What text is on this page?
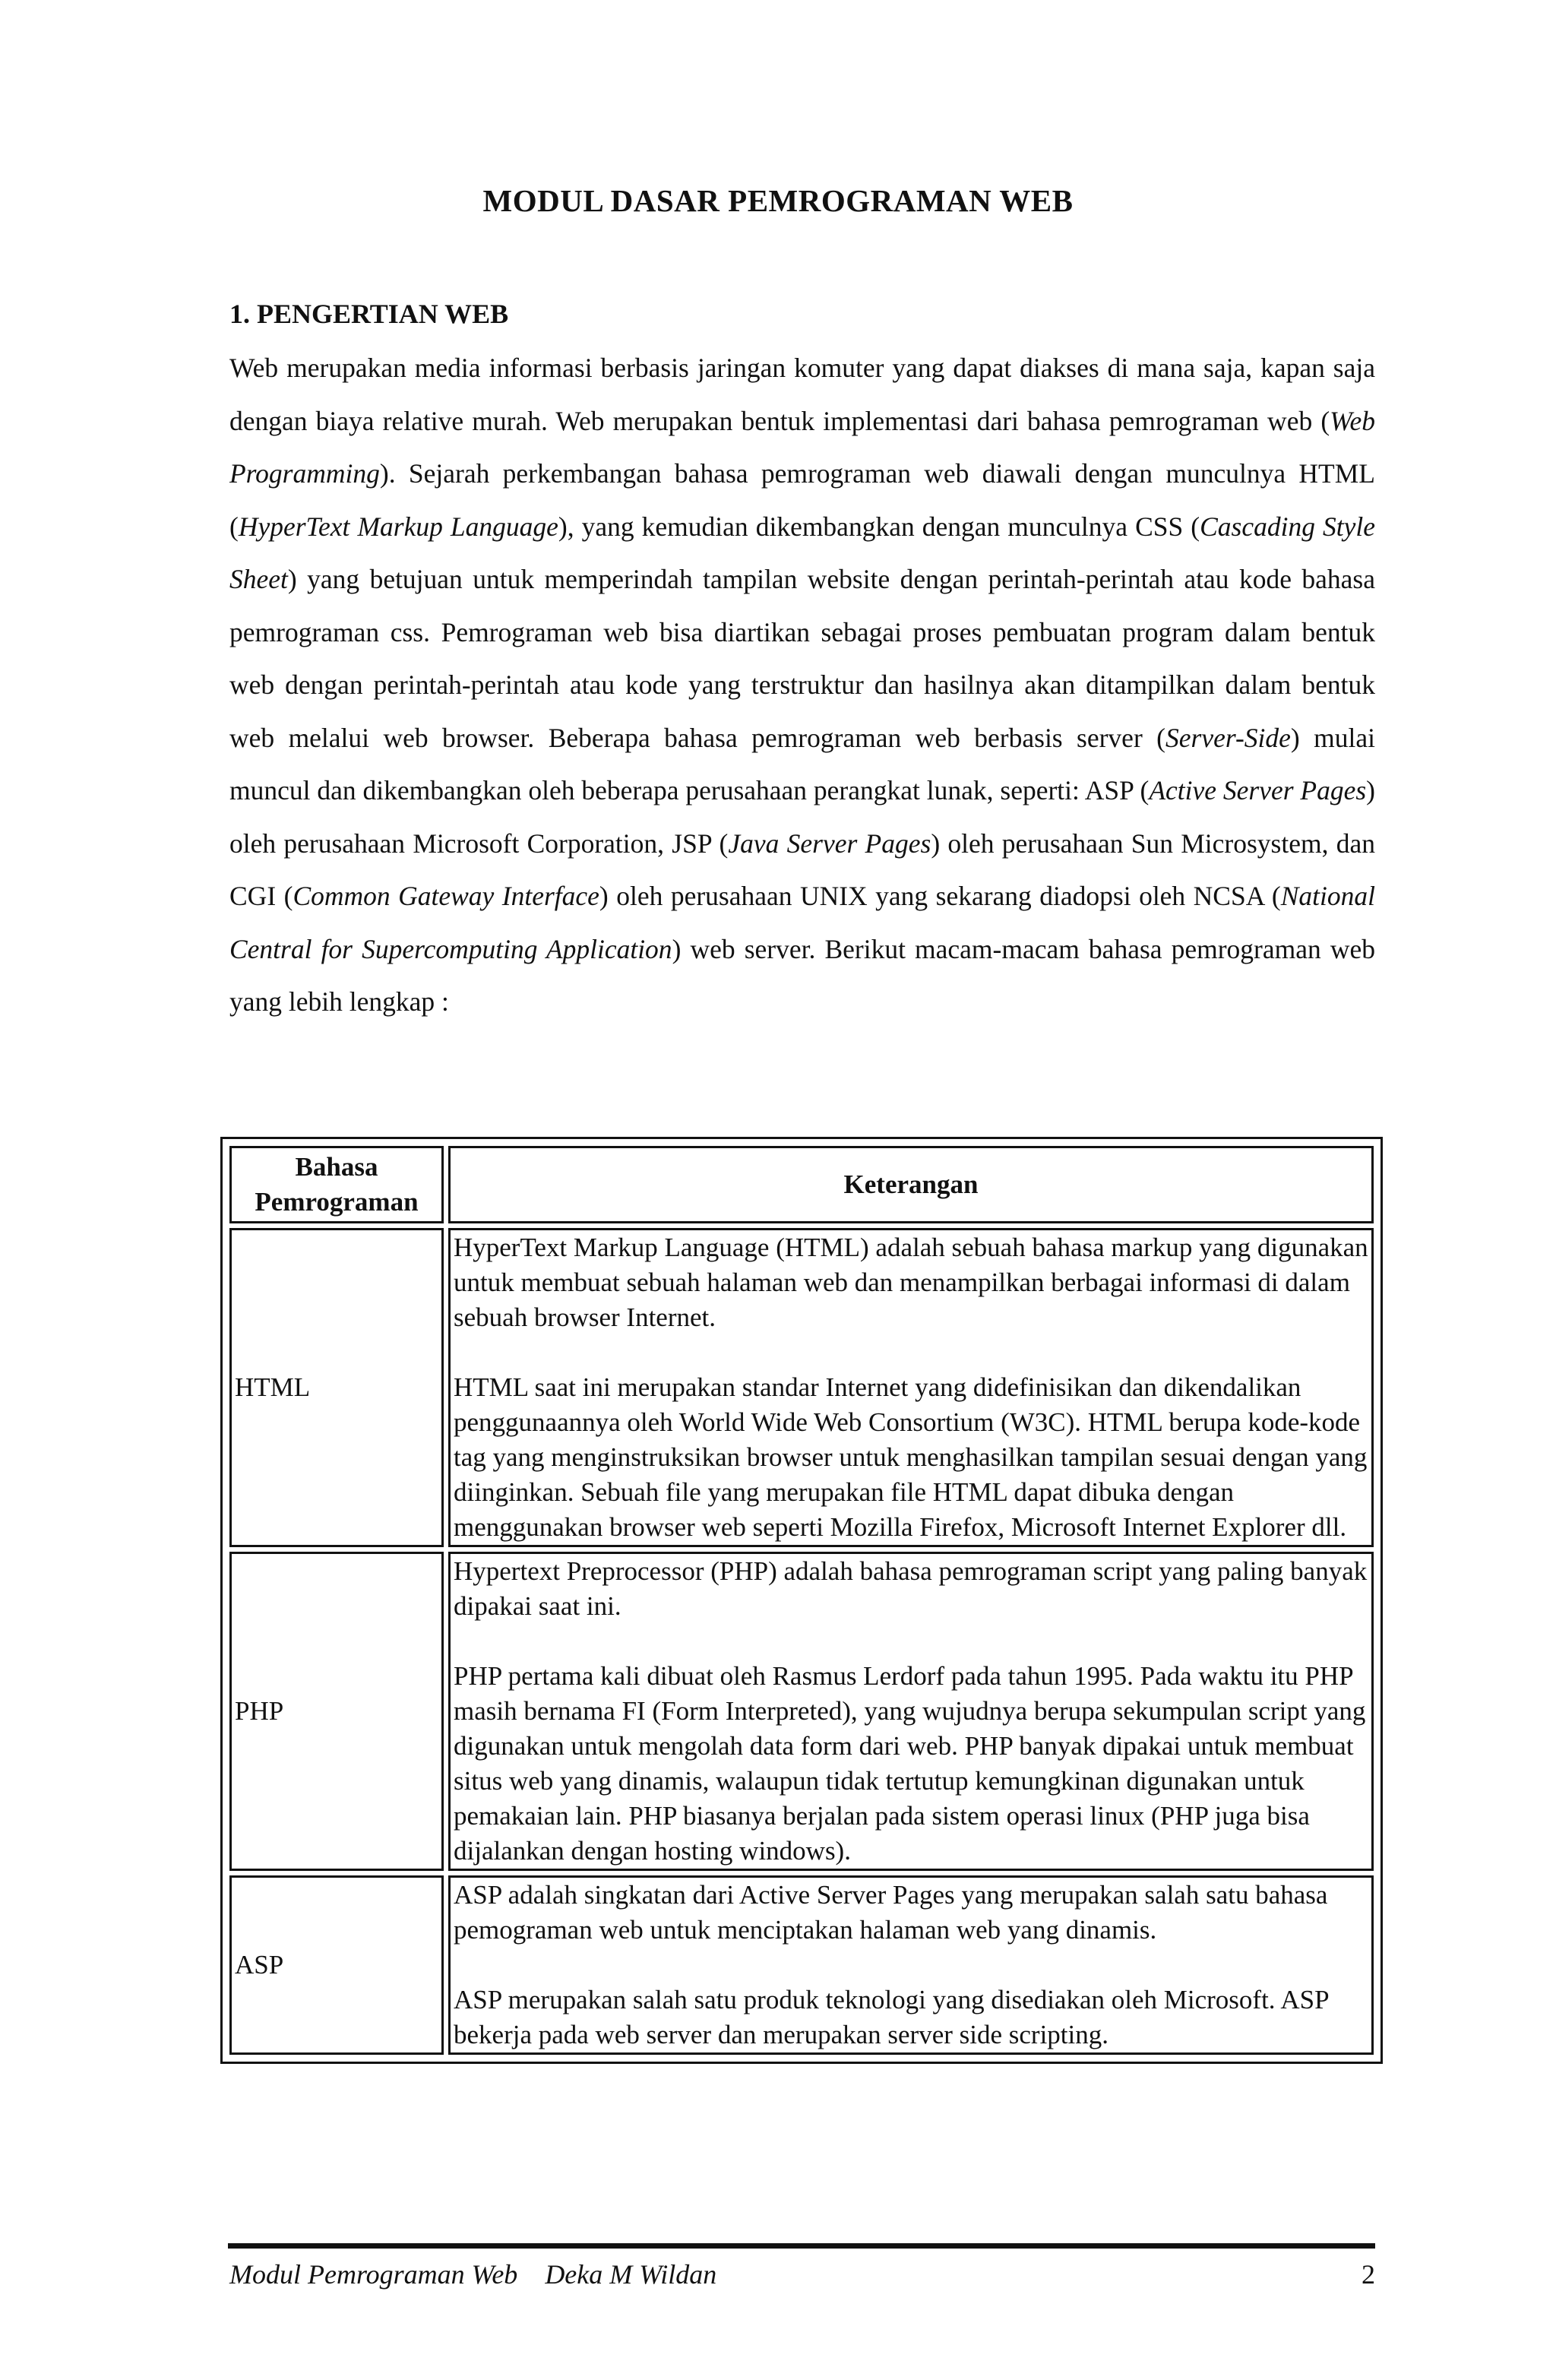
MODUL DASAR PEMROGRAMAN WEB
1. PENGERTIAN WEB
Web merupakan media informasi berbasis jaringan komuter yang dapat diakses di mana saja, kapan saja dengan biaya relative murah. Web merupakan bentuk implementasi dari bahasa pemrograman web (Web Programming). Sejarah perkembangan bahasa pemrograman web diawali dengan munculnya HTML (HyperText Markup Language), yang kemudian dikembangkan dengan munculnya CSS (Cascading Style Sheet) yang betujuan untuk memperindah tampilan website dengan perintah-perintah atau kode bahasa pemrograman css. Pemrograman web bisa diartikan sebagai proses pembuatan program dalam bentuk web dengan perintah-perintah atau kode yang terstruktur dan hasilnya akan ditampilkan dalam bentuk web melalui web browser. Beberapa bahasa pemrograman web berbasis server (Server-Side) mulai muncul dan dikembangkan oleh beberapa perusahaan perangkat lunak, seperti: ASP (Active Server Pages) oleh perusahaan Microsoft Corporation, JSP (Java Server Pages) oleh perusahaan Sun Microsystem, dan CGI (Common Gateway Interface) oleh perusahaan UNIX yang sekarang diadopsi oleh NCSA (National Central for Supercomputing Application) web server. Berikut macam-macam bahasa pemrograman web yang lebih lengkap :
Bahasa Pemrograman	Keterangan
HTML	HyperText Markup Language (HTML) adalah sebuah bahasa markup yang digunakan untuk membuat sebuah halaman web dan menampilkan berbagai informasi di dalam sebuah browser Internet.

HTML saat ini merupakan standar Internet yang didefinisikan dan dikendalikan penggunaannya oleh World Wide Web Consortium (W3C). HTML berupa kode-kode tag yang menginstruksikan browser untuk menghasilkan tampilan sesuai dengan yang diinginkan. Sebuah file yang merupakan file HTML dapat dibuka dengan menggunakan browser web seperti Mozilla Firefox, Microsoft Internet Explorer dll.

PHP	Hypertext Preprocessor (PHP) adalah bahasa pemrograman script yang paling banyak dipakai saat ini.

PHP pertama kali dibuat oleh Rasmus Lerdorf pada tahun 1995. Pada waktu itu PHP masih bernama FI (Form Interpreted), yang wujudnya berupa sekumpulan script yang digunakan untuk mengolah data form dari web. PHP banyak dipakai untuk membuat situs web yang dinamis, walaupun tidak tertutup kemungkinan digunakan untuk pemakaian lain. PHP biasanya berjalan pada sistem operasi linux (PHP juga bisa dijalankan dengan hosting windows).

ASP	ASP adalah singkatan dari Active Server Pages yang merupakan salah satu bahasa pemograman web untuk menciptakan halaman web yang dinamis.

ASP merupakan salah satu produk teknologi yang disediakan oleh Microsoft. ASP bekerja pada web server dan merupakan server side scripting.

Modul Pemrograman Web Deka M Wildan	2
